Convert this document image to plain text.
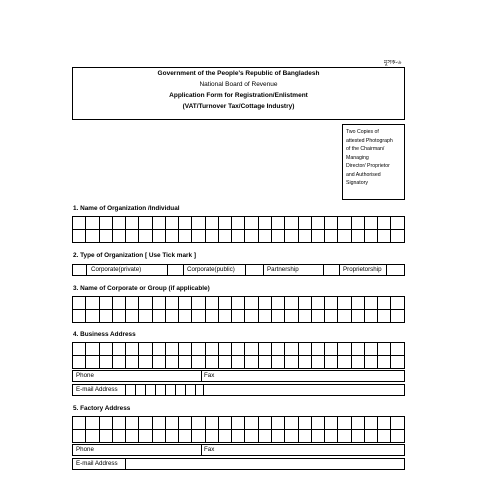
মুসক-৬
Government of the People's Republic of Bangladesh
National Board of Revenue
Application Form for Registration/Enlistment
(VAT/Turnover Tax/Cottage Industry)
Two Copies of
attested Photograph
of the Chairman/
Managing
Director/ Proprietor
and Authorised
Signatory
1. Name of Organization /Individual

2. Type of Organization [ Use Tick mark ]
Corporate(private)	Corporate(public)	Partnership	Proprietorship
3. Name of Corporate or Group (if applicable)

4. Business Address

Phone	Fax
E-mail Address
5. Factory Address

Phone	Fax
E-mail Address
